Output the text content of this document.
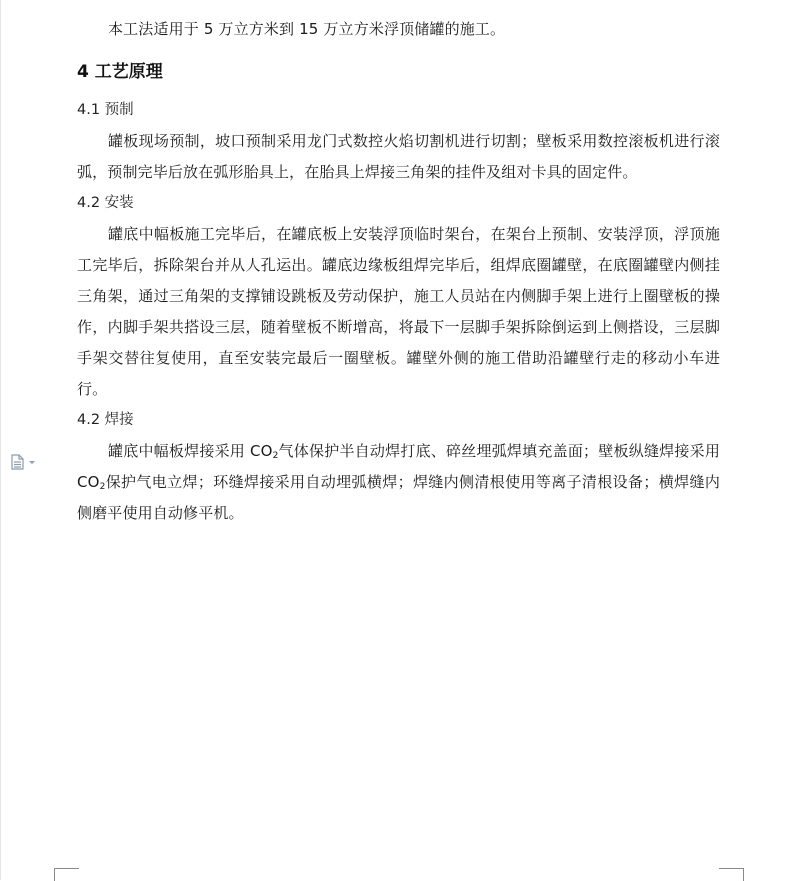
本工法适用于 5 万立方米到 15 万立方米浮顶储罐的施工。

4 工艺原理

4.1 预制

罐板现场预制，坡口预制采用龙门式数控火焰切割机进行切割；壁板采用数控滚板机进行滚弧，预制完毕后放在弧形胎具上，在胎具上焊接三角架的挂件及组对卡具的固定件。

4.2 安装

罐底中幅板施工完毕后，在罐底板上安装浮顶临时架台，在架台上预制、安装浮顶，浮顶施工完毕后，拆除架台并从人孔运出。罐底边缘板组焊完毕后，组焊底圈罐壁，在底圈罐壁内侧挂三角架，通过三角架的支撑铺设跳板及劳动保护，施工人员站在内侧脚手架上进行上圈壁板的操作，内脚手架共搭设三层，随着壁板不断增高，将最下一层脚手架拆除倒运到上侧搭设，三层脚手架交替往复使用，直至安装完最后一圈壁板。罐壁外侧的施工借助沿罐壁行走的移动小车进行。

4.2 焊接

罐底中幅板焊接采用 $CO_2$气体保护半自动焊打底、碎丝埋弧焊填充盖面；壁板纵缝焊接采用 $CO_2$保护气电立焊；环缝焊接采用自动埋弧横焊；焊缝内侧清根使用等离子清根设备；横焊缝内侧磨平使用自动修平机。
